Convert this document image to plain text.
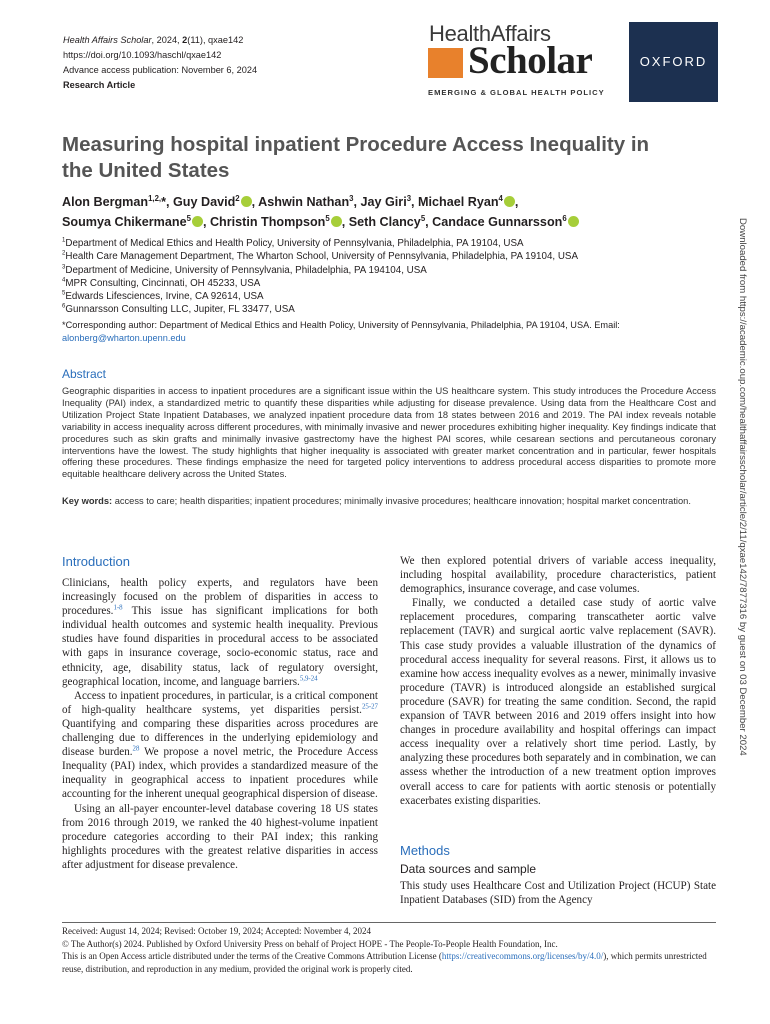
Health Affairs Scholar, 2024, 2(11), qxae142
https://doi.org/10.1093/haschl/qxae142
Advance access publication: November 6, 2024
Research Article
HealthAffairs
Scholar	OXFORD
EMERGING & GLOBAL HEALTH POLICY
Measuring hospital inpatient Procedure Access Inequality in the United States
Alon Bergman$^{1,2,}$*, Guy David$^2$ , Ashwin Nathan$^3$, Jay Giri$^3$, Michael Ryan$^4$ ,
Soumya Chikermane$^5$ , Christin Thompson$^5$ , Seth Clancy$^5$, Candace Gunnarsson$^6$
$^1$Department of Medical Ethics and Health Policy, University of Pennsylvania, Philadelphia, PA 19104, USA
$^2$Health Care Management Department, The Wharton School, University of Pennsylvania, Philadelphia, PA 19104, USA
$^3$Department of Medicine, University of Pennsylvania, Philadelphia, PA 194104, USA
$^4$MPR Consulting, Cincinnati, OH 45233, USA
$^5$Edwards Lifesciences, Irvine, CA 92614, USA
$^6$Gunnarsson Consulting LLC, Jupiter, FL 33477, USA
*Corresponding author: Department of Medical Ethics and Health Policy, University of Pennsylvania, Philadelphia, PA 19104, USA. Email: alonberg@wharton.upenn.edu
Abstract
Geographic disparities in access to inpatient procedures are a significant issue within the US healthcare system. This study introduces the Procedure Access Inequality (PAI) index, a standardized metric to quantify these disparities while adjusting for disease prevalence. Using data from the Healthcare Cost and Utilization Project State Inpatient Databases, we analyzed inpatient procedure data from 18 states between 2016 and 2019. The PAI index reveals notable variability in access inequality across different procedures, with minimally invasive and newer procedures exhibiting higher inequality. Key findings indicate that procedures such as skin grafts and minimally invasive gastrectomy have the highest PAI scores, while cesarean sections and percutaneous coronary interventions have the lowest. The study highlights that higher inequality is associated with greater market concentration and in particular, fewer hospitals offering these procedures. These findings emphasize the need for targeted policy interventions to address procedural access disparities to promote more equitable healthcare delivery across the United States.
Key words: access to care; health disparities; inpatient procedures; minimally invasive procedures; healthcare innovation; hospital market concentration.
Introduction

Clinicians, health policy experts, and regulators have been increasingly focused on the problem of disparities in access to procedures.$^{1-8}$ This issue has significant implications for both individual health outcomes and systemic health inequality. Previous studies have found disparities in procedural access to be associated with gaps in insurance coverage, socio-economic status, race and ethnicity, age, disability status, lack of regulatory oversight, geographical location, income, and language barriers.$^{5,9-24}$

Access to inpatient procedures, in particular, is a critical component of high-quality healthcare systems, yet disparities persist.$^{25-27}$ Quantifying and comparing these disparities across procedures are challenging due to differences in the underlying epidemiology and disease burden.$^{28}$ We propose a novel metric, the Procedure Access Inequality (PAI) index, which provides a standardized measure of the inequality in geographical access to inpatient procedures while accounting for the inherent unequal geographical dispersion of disease.

Using an all-payer encounter-level database covering 18 US states from 2016 through 2019, we ranked the 40 highest-volume inpatient procedure categories according to their PAI index; this ranking highlights procedures with the greatest relative disparities in access after adjustment for disease prevalence.

We then explored potential drivers of variable access inequality, including hospital availability, procedure characteristics, patient demographics, insurance coverage, and case volumes.

Finally, we conducted a detailed case study of aortic valve replacement procedures, comparing transcatheter aortic valve replacement (TAVR) and surgical aortic valve replacement (SAVR). This case study provides a valuable illustration of the dynamics of procedural access inequality for several reasons. First, it allows us to examine how access inequality evolves as a newer, minimally invasive procedure (TAVR) is introduced alongside an established surgical procedure (SAVR) for treating the same condition. Second, the rapid expansion of TAVR between 2016 and 2019 offers insight into how changes in procedure availability and hospital offerings can impact access inequality over a relatively short time period. Lastly, by analyzing these procedures both separately and in combination, we can assess whether the introduction of a new treatment option improves overall access to care for patients with aortic stenosis or potentially exacerbates existing disparities.

Methods
Data sources and sample

This study uses Healthcare Cost and Utilization Project (HCUP) State Inpatient Databases (SID) from the Agency

Received: August 14, 2024; Revised: October 19, 2024; Accepted: November 4, 2024
© The Author(s) 2024. Published by Oxford University Press on behalf of Project HOPE - The People-To-People Health Foundation, Inc.
This is an Open Access article distributed under the terms of the Creative Commons Attribution License (https://creativecommons.org/licenses/by/4.0/), which permits unrestricted reuse, distribution, and reproduction in any medium, provided the original work is properly cited.
Downloaded from https://academic.oup.com/healthaffairsscholar/article/2/11/qxae142/7877316 by guest on 03 December 2024
